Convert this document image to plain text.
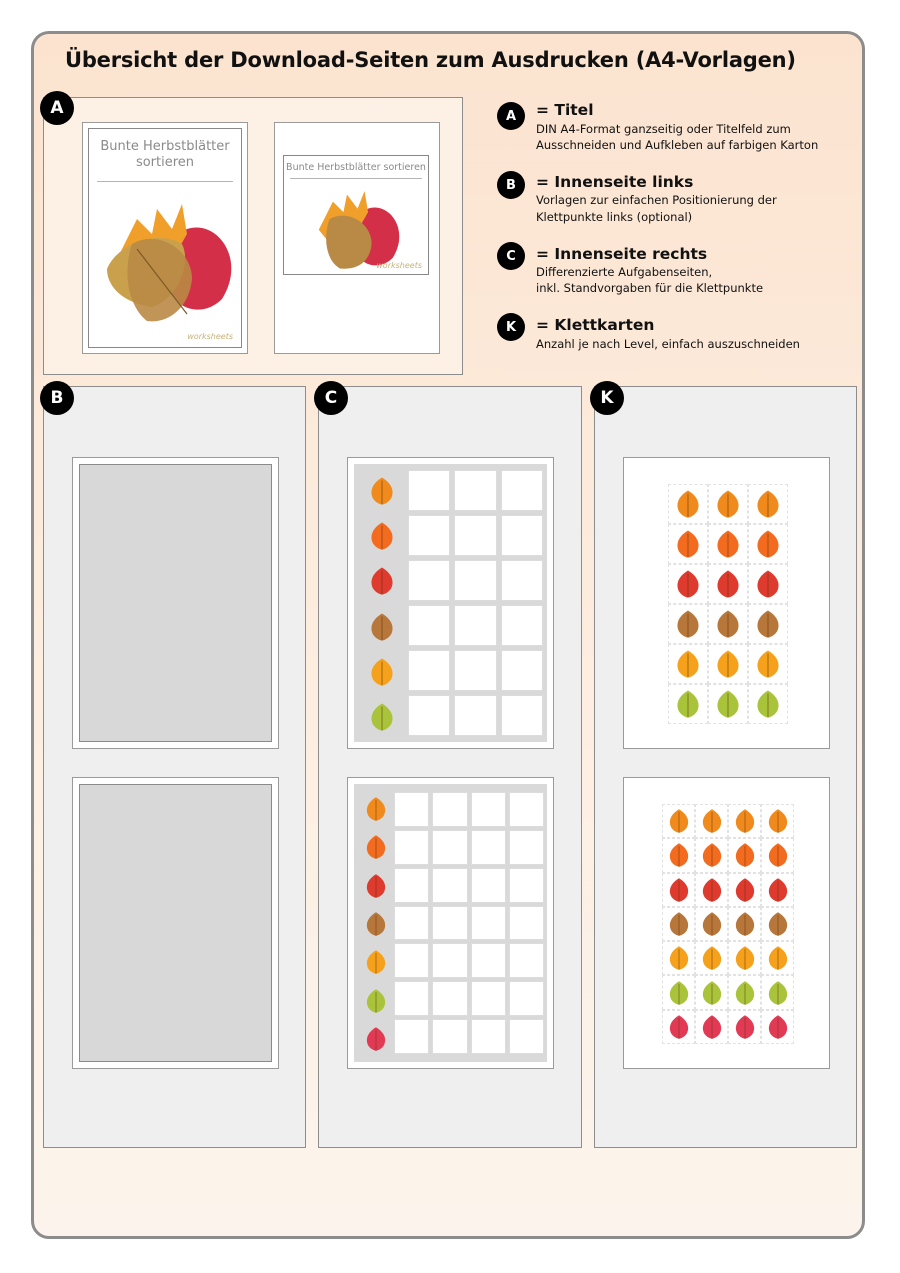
Übersicht der Download-Seiten zum Ausdrucken (A4-Vorlagen)
Bunte Herbstblätter
sortieren
worksheets
Bunte Herbstblätter sortieren
worksheets
A	A	= Titel
DIN A4-Format ganzseitig oder Titelfeld zum
Ausschneiden und Aufkleben auf farbigen Karton
B	= Innenseite links
Vorlagen zur einfachen Positionierung der
Klettpunkte links (optional)
C	= Innenseite rechts
Differenzierte Aufgabenseiten,
inkl. Standvorgaben für die Klettpunkte
K	= Klettkarten
Anzahl je nach Level, einfach auszuschneiden
B	C	K
